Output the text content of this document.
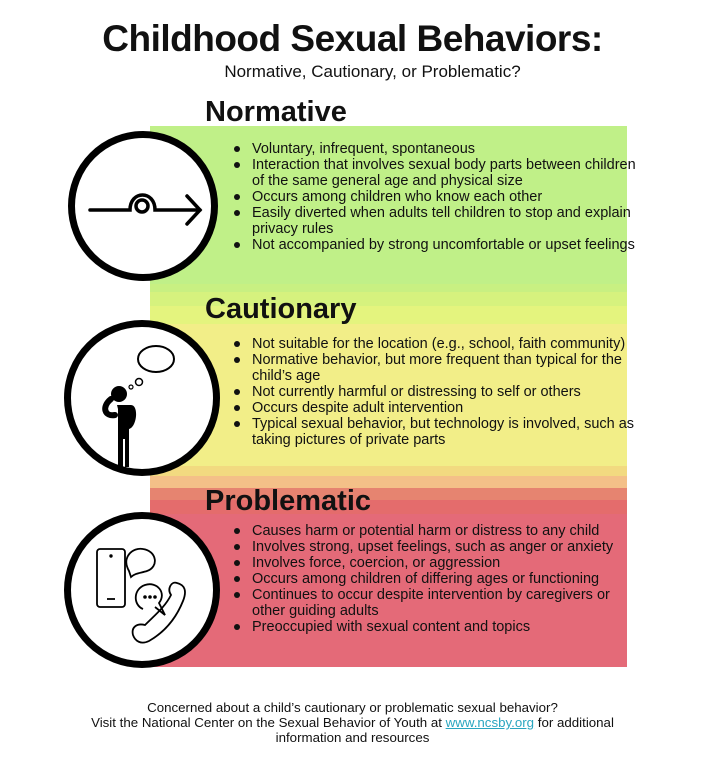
Childhood Sexual Behaviors:
Normative, Cautionary, or Problematic?
Normative
Voluntary, infrequent, spontaneous
Interaction that involves sexual body parts between children of the same general age and physical size
Occurs among children who know each other
Easily diverted when adults tell children to stop and explain privacy rules
Not accompanied by strong uncomfortable or upset feelings
Cautionary
Not suitable for the location (e.g., school, faith community)
Normative behavior, but more frequent than typical for the child’s age
Not currently harmful or distressing to self or others
Occurs despite adult intervention
Typical sexual behavior, but technology is involved, such as taking pictures of private parts
Problematic
Causes harm or potential harm or distress to any child
Involves strong, upset feelings, such as anger or anxiety
Involves force, coercion, or aggression
Occurs among children of differing ages or functioning
Continues to occur despite intervention by caregivers or other guiding adults
Preoccupied with sexual content and topics
Concerned about a child’s cautionary or problematic sexual behavior?
Visit the National Center on the Sexual Behavior of Youth at www.ncsby.org for additional information and resources
